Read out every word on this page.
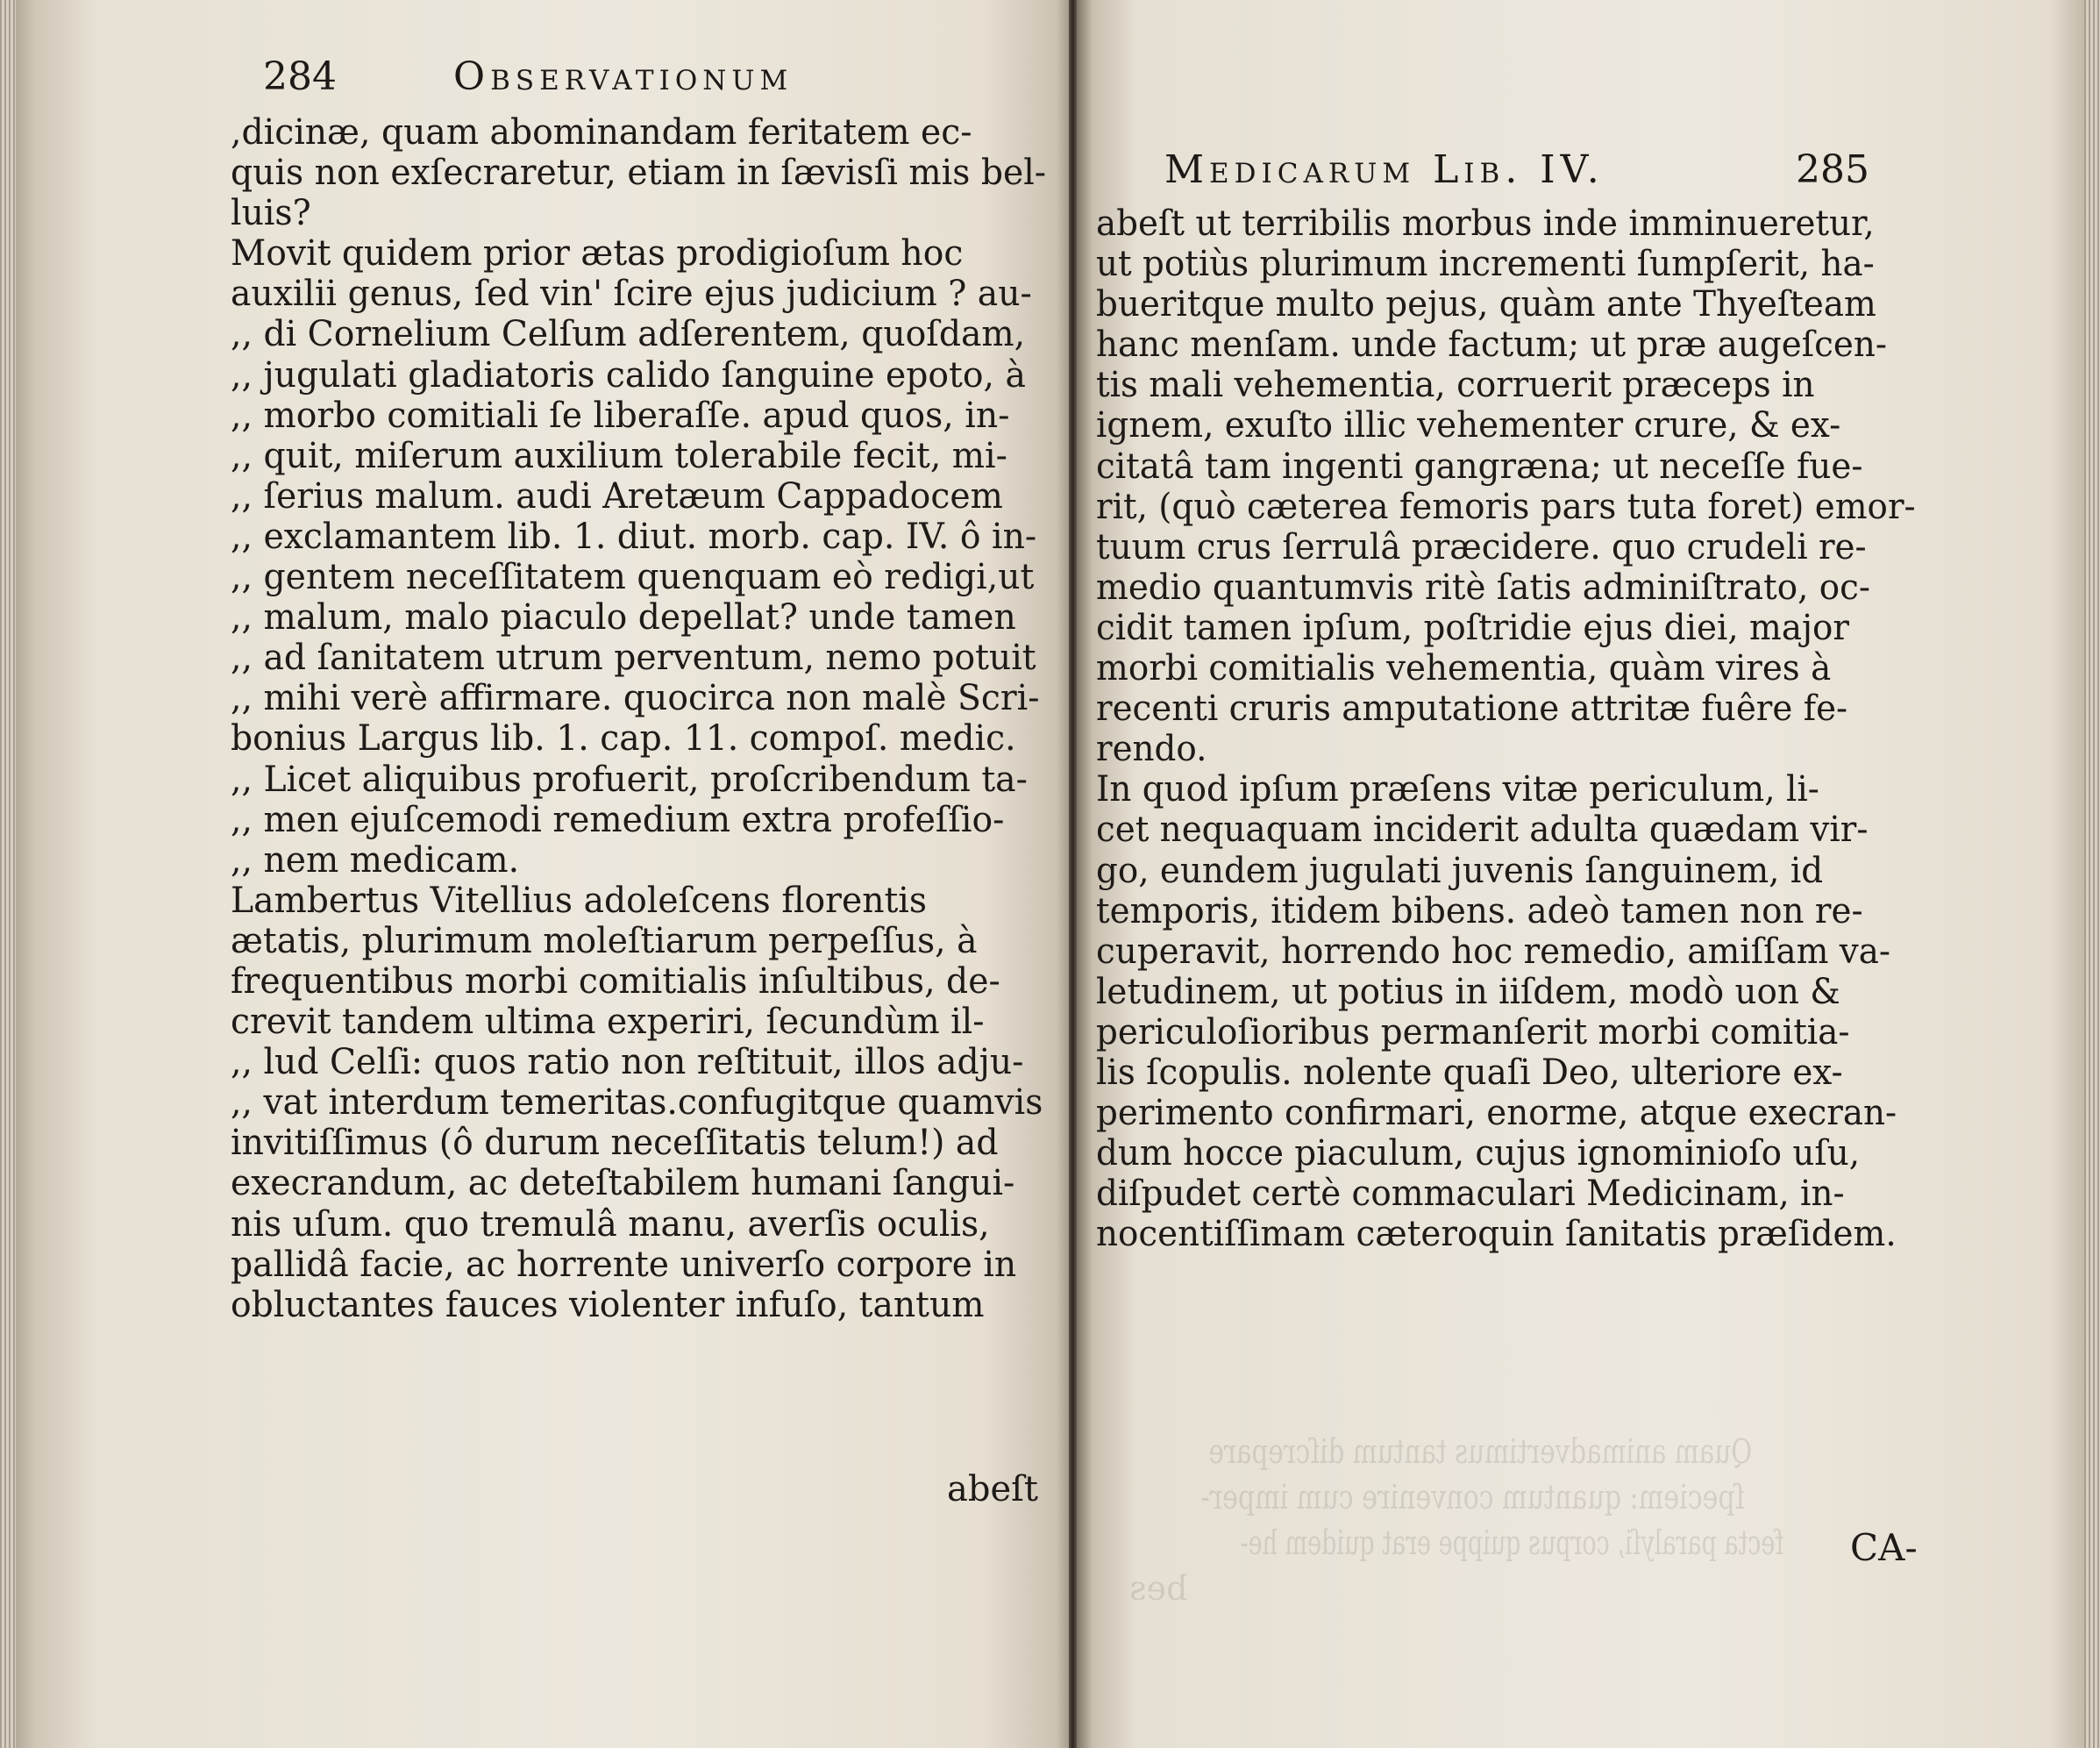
284	Observationum
,dicinæ, quam abominandam feritatem ec-
quis non exſecraretur, etiam in ſævisſi mis bel-
luis?
Movit quidem prior ætas prodigioſum hoc
auxilii genus, ſed vin' ſcire ejus judicium ? au-
,, di Cornelium Celſum adſerentem, quoſdam,
,, jugulati gladiatoris calido ſanguine epoto, à
,, morbo comitiali ſe liberaſſe. apud quos, in-
,, quit, miſerum auxilium tolerabile fecit, mi-
,, ſerius malum. audi Aretæum Cappadocem
,, exclamantem lib. 1. diut. morb. cap. IV. ô in-
,, gentem neceſſitatem quenquam eò redigi,ut
,, malum, malo piaculo depellat? unde tamen
,, ad ſanitatem utrum perventum, nemo potuit
,, mihi verè affirmare. quocirca non malè Scri-
bonius Largus lib. 1. cap. 11. compoſ. medic.
,, Licet aliquibus profuerit, proſcribendum ta-
,, men ejuſcemodi remedium extra profeſſio-
,, nem medicam.
Lambertus Vitellius adoleſcens florentis
ætatis, plurimum moleſtiarum perpeſſus, à
frequentibus morbi comitialis inſultibus, de-
crevit tandem ultima experiri, ſecundùm il-
,, lud Celſi: quos ratio non reſtituit, illos adju-
,, vat interdum temeritas.confugitque quamvis
invitiſſimus (ô durum neceſſitatis telum!) ad
execrandum, ac deteſtabilem humani ſangui-
nis uſum. quo tremulâ manu, averſis oculis,
pallidâ facie, ac horrente univerſo corpore in
obluctantes fauces violenter infuſo, tantum
abeſt
Medicarum Lib. IV.	285
abeſt ut terribilis morbus inde imminueretur,
ut potiùs plurimum incrementi ſumpſerit, ha-
bueritque multo pejus, quàm ante Thyeſteam
hanc menſam. unde factum; ut præ augeſcen-
tis mali vehementia, corruerit præceps in
ignem, exuſto illic vehementer crure, & ex-
citatâ tam ingenti gangræna; ut neceſſe fue-
rit, (quò cæterea femoris pars tuta foret) emor-
tuum crus ſerrulâ præcidere. quo crudeli re-
medio quantumvis ritè ſatis adminiſtrato, oc-
cidit tamen ipſum, poſtridie ejus diei, major
morbi comitialis vehementia, quàm vires à
recenti cruris amputatione attritæ fuêre fe-
rendo.
In quod ipſum præſens vitæ periculum, li-
cet nequaquam inciderit adulta quædam vir-
go, eundem jugulati juvenis ſanguinem, id
temporis, itidem bibens. adeò tamen non re-
cuperavit, horrendo hoc remedio, amiſſam va-
letudinem, ut potius in iiſdem, modò uon &
periculoſioribus permanſerit morbi comitia-
lis ſcopulis. nolente quaſi Deo, ulteriore ex-
perimento confirmari, enorme, atque execran-
dum hocce piaculum, cujus ignominioſo uſu,
diſpudet certè commaculari Medicinam, in-
nocentiſſimam cæteroquin ſanitatis præſidem.
Quam animadvertimus tantum diſcrepare
ſpeciem: quantum convenire cum imper-
fecta paralyſi, corpus quippe erat quidem he-
bes
CA-
